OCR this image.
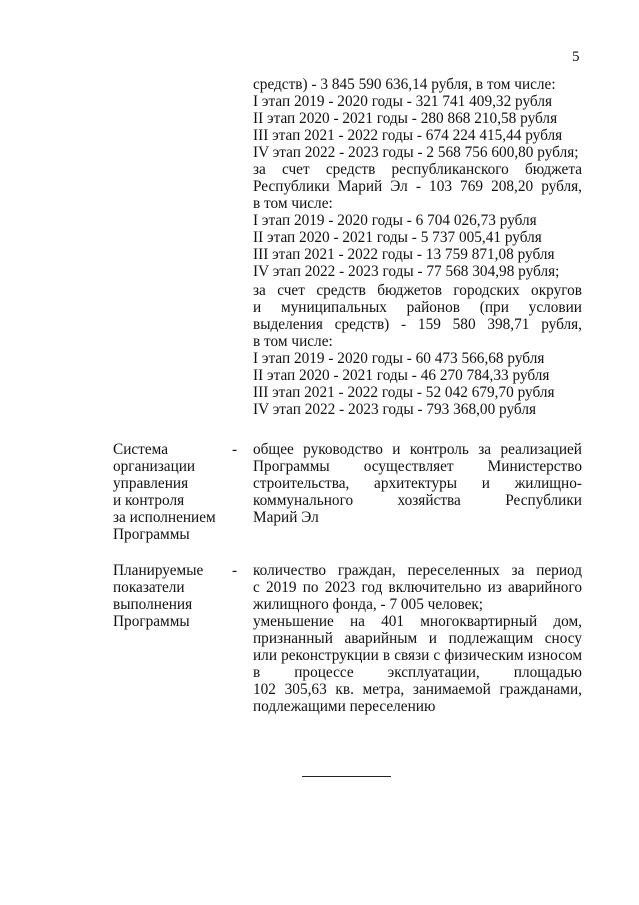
5
средств) - 3 845 590 636,14 рубля, в том числе:
I этап 2019 - 2020 годы - 321 741 409,32 рубля
II этап 2020 - 2021 годы - 280 868 210,58 рубля
III этап 2021 - 2022 годы - 674 224 415,44 рубля
IV этап 2022 - 2023 годы - 2 568 756 600,80 рубля;
за счет средств республиканского бюджета
Республики Марий Эл - 103 769 208,20 рубля,
в том числе:
I этап 2019 - 2020 годы - 6 704 026,73 рубля
II этап 2020 - 2021 годы - 5 737 005,41 рубля
III этап 2021 - 2022 годы - 13 759 871,08 рубля
IV этап 2022 - 2023 годы - 77 568 304,98 рубля;
за счет средств бюджетов городских округов
и муниципальных районов (при условии
выделения средств) - 159 580 398,71 рубля,
в том числе:
I этап 2019 - 2020 годы - 60 473 566,68 рубля
II этап 2020 - 2021 годы - 46 270 784,33 рубля
III этап 2021 - 2022 годы - 52 042 679,70 рубля
IV этап 2022 - 2023 годы - 793 368,00 рубля
Система
организации
управления
и контроля
за исполнением
Программы
- общее руководство и контроль за реализацией
Программы осуществляет Министерство
строительства, архитектуры и жилищно-
коммунального хозяйства Республики
Марий Эл
Планируемые
показатели
выполнения
Программы
- количество граждан, переселенных за период
с 2019 по 2023 год включительно из аварийного
жилищного фонда, - 7 005 человек;
уменьшение на 401 многоквартирный дом,
признанный аварийным и подлежащим сносу
или реконструкции в связи с физическим износом
в процессе эксплуатации, площадью
102 305,63 кв. метра, занимаемой гражданами,
подлежащими переселению
